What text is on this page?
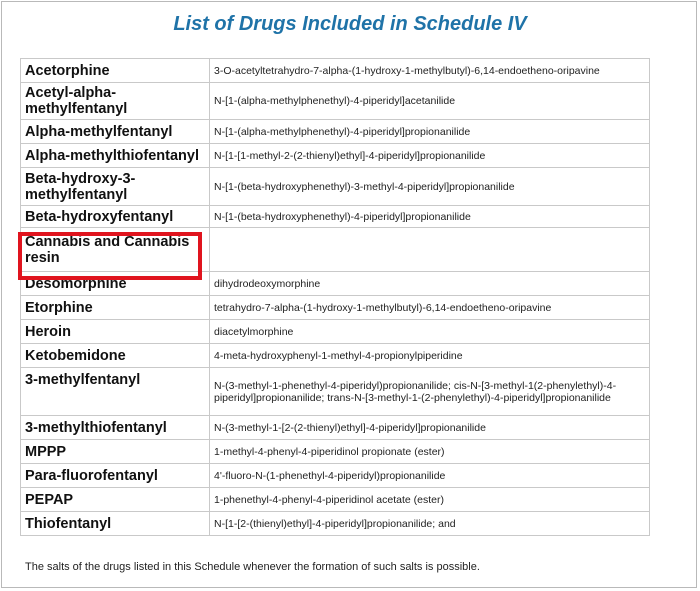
List of Drugs Included in Schedule IV
Acetorphine	3-O-acetyltetrahydro-7-alpha-(1-hydroxy-1-methylbutyl)-6,14-endoetheno-oripavine
Acetyl-alpha-methylfentanyl	N-[1-(alpha-methylphenethyl)-4-piperidyl]acetanilide
Alpha-methylfentanyl	N-[1-(alpha-methylphenethyl)-4-piperidyl]propionanilide
Alpha-methylthiofentanyl	N-[1-[1-methyl-2-(2-thienyl)ethyl]-4-piperidyl]propionanilide
Beta-hydroxy-3-methylfentanyl	N-[1-(beta-hydroxyphenethyl)-3-methyl-4-piperidyl]propionanilide
Beta-hydroxyfentanyl	N-[1-(beta-hydroxyphenethyl)-4-piperidyl]propionanilide
Cannabis and Cannabis resin	
Desomorphine	dihydrodeoxymorphine
Etorphine	tetrahydro-7-alpha-(1-hydroxy-1-methylbutyl)-6,14-endoetheno-oripavine
Heroin	diacetylmorphine
Ketobemidone	4-meta-hydroxyphenyl-1-methyl-4-propionylpiperidine
3-methylfentanyl	N-(3-methyl-1-phenethyl-4-piperidyl)propionanilide; cis-N-[3-methyl-1(2-phenylethyl)-4-piperidyl]propionanilide; trans-N-[3-methyl-1-(2-phenylethyl)-4-piperidyl]propionanilide
3-methylthiofentanyl	N-(3-methyl-1-[2-(2-thienyl)ethyl]-4-piperidyl]propionanilide
MPPP	1-methyl-4-phenyl-4-piperidinol propionate (ester)
Para-fluorofentanyl	4'-fluoro-N-(1-phenethyl-4-piperidyl)propionanilide
PEPAP	1-phenethyl-4-phenyl-4-piperidinol acetate (ester)
Thiofentanyl	N-[1-[2-(thienyl)ethyl]-4-piperidyl]propionanilide; and
The salts of the drugs listed in this Schedule whenever the formation of such salts is possible.
